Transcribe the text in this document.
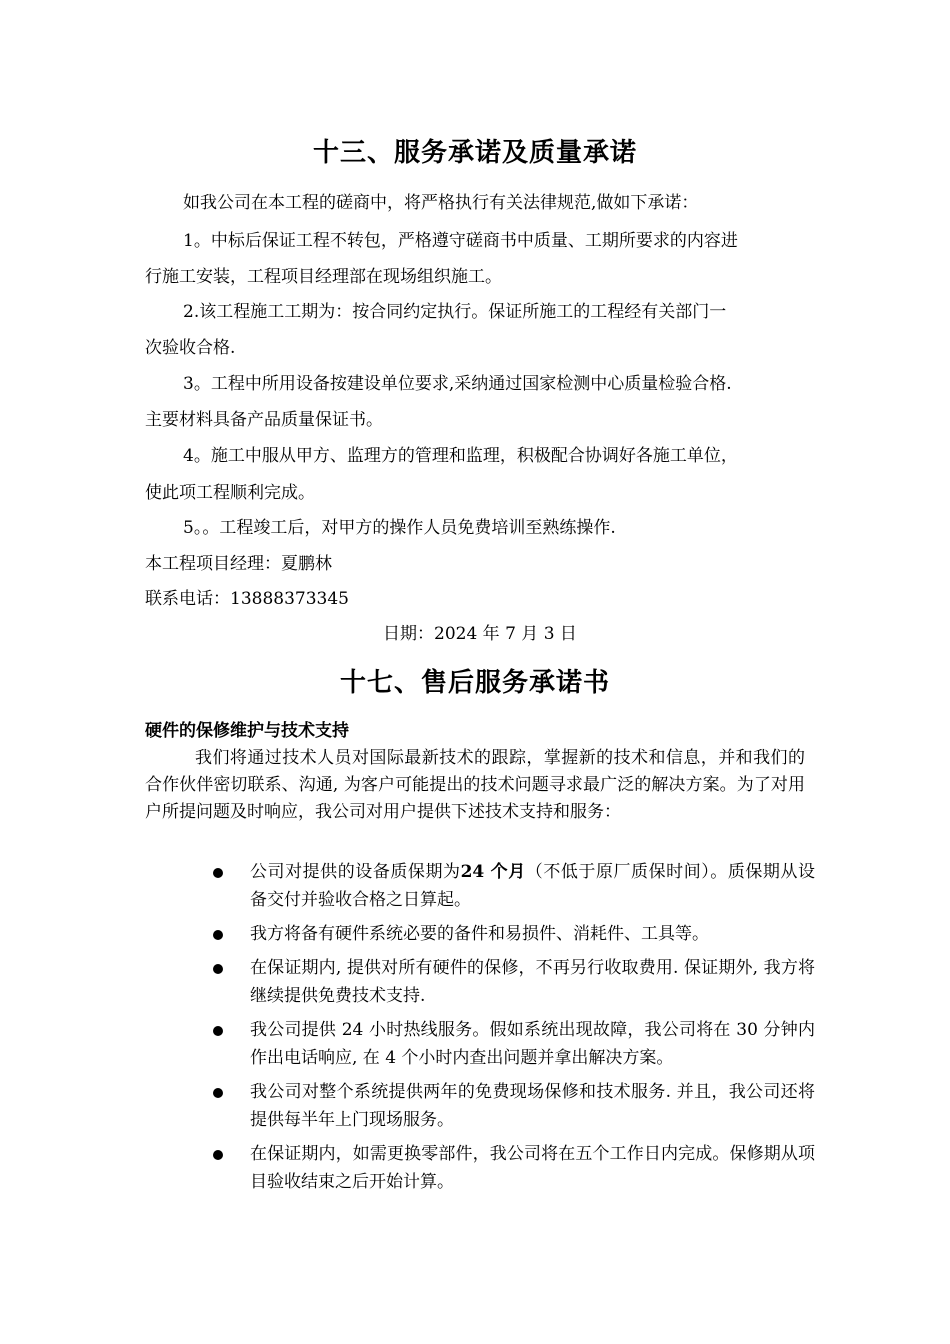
十三、服务承诺及质量承诺
如我公司在本工程的磋商中，将严格执行有关法律规范,做如下承诺：
1。中标后保证工程不转包，严格遵守磋商书中质量、工期所要求的内容进
行施工安装，工程项目经理部在现场组织施工。
2.该工程施工工期为：按合同约定执行。保证所施工的工程经有关部门一
次验收合格.
3。工程中所用设备按建设单位要求,采纳通过国家检测中心质量检验合格.
主要材料具备产品质量保证书。
4。施工中服从甲方、监理方的管理和监理，积极配合协调好各施工单位，
使此项工程顺利完成。
5。。工程竣工后，对甲方的操作人员免费培训至熟练操作.
本工程项目经理：夏鹏林
联系电话：13888373345
日期：2024 年 7 月 3 日
十七、售后服务承诺书
硬件的保修维护与技术支持
我们将通过技术人员对国际最新技术的跟踪，掌握新的技术和信息，并和我们的合作伙伴密切联系、沟通, 为客户可能提出的技术问题寻求最广泛的解决方案。为了对用户所提问题及时响应，我公司对用户提供下述技术支持和服务：
公司对提供的设备质保期为24 个月（不低于原厂质保时间）。质保期从设备交付并验收合格之日算起。
我方将备有硬件系统必要的备件和易损件、消耗件、工具等。
在保证期内, 提供对所有硬件的保修，不再另行收取费用. 保证期外, 我方将继续提供免费技术支持.
我公司提供 24 小时热线服务。假如系统出现故障，我公司将在 30 分钟内作出电话响应, 在 4 个小时内查出问题并拿出解决方案。
我公司对整个系统提供两年的免费现场保修和技术服务. 并且，我公司还将提供每半年上门现场服务。
在保证期内，如需更换零部件，我公司将在五个工作日内完成。保修期从项目验收结束之后开始计算。
